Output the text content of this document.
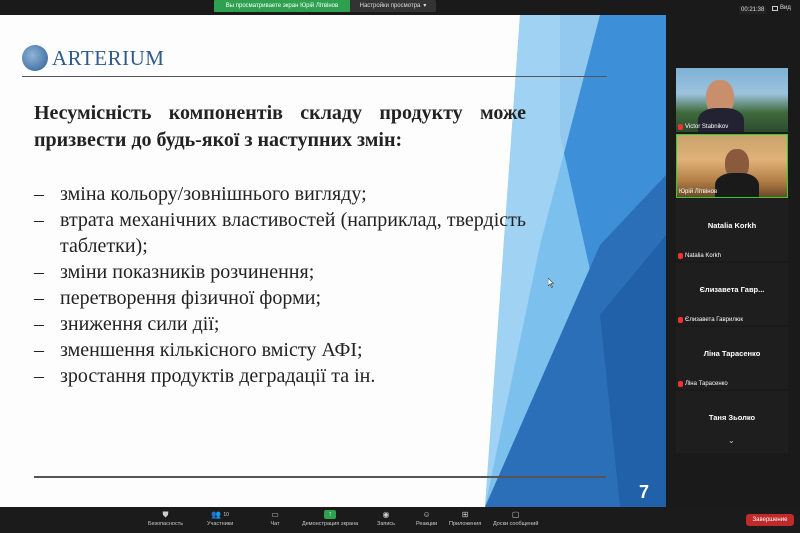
Вы просматриваете экран Юрій Літвінов	Настройки просмотра ▾
00:21:38	Вид
ARTERIUM
Несумісність компонентів складу продукту може призвести до будь-якої з наступних змін:
– зміна кольору/зовнішнього вигляду;
– втрата механічних властивостей (наприклад, твердість таблетки);
– зміни показників розчинення;
– перетворення фізичної форми;
– зниження сили дії;
– зменшення кількісного вмісту АФІ;
– зростання продуктів деградації та ін.
7
Victor Stabnikov
Юрій Літвінов
Natalia Korkh
Natalia Korkh
Єлизавета Гавр...
Єлизавета Гаврилюк
Ліна Тарасенко
Ліна Тарасенко
Таня Зьолко
⌄
⛊
Безопасность
👥 10
Участники
▭
Чат
↑
Демонстрация экрана
◉
Запись
☺
Реакции
⊞
Приложения
▢
Доски сообщений
Завершение
